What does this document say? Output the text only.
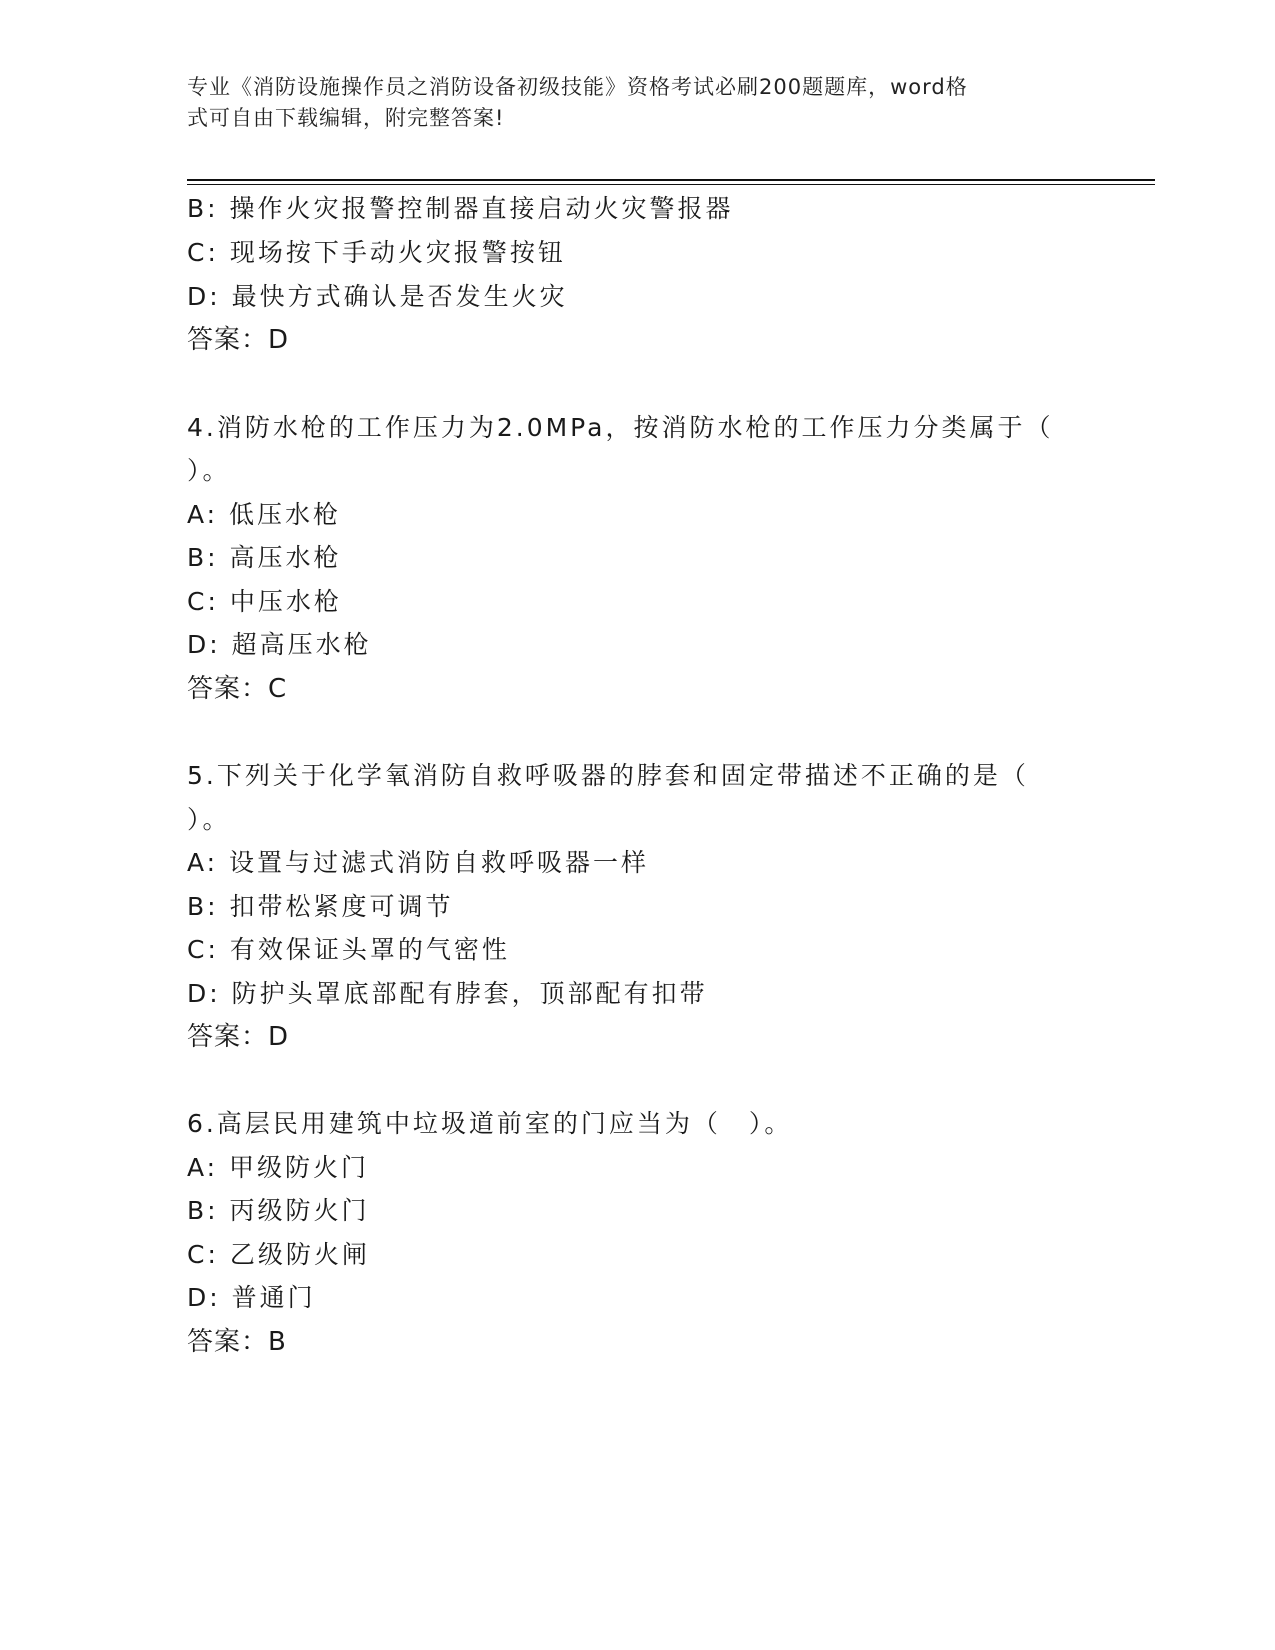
专业《消防设施操作员之消防设备初级技能》资格考试必刷200题题库，word格
式可自由下载编辑，附完整答案!
B: 操作火灾报警控制器直接启动火灾警报器
C: 现场按下手动火灾报警按钮
D: 最快方式确认是否发生火灾
答案：D
4.消防水枪的工作压力为2.0MPa，按消防水枪的工作压力分类属于（
）。
A: 低压水枪
B: 高压水枪
C: 中压水枪
D: 超高压水枪
答案：C
5.下列关于化学氧消防自救呼吸器的脖套和固定带描述不正确的是（
）。
A: 设置与过滤式消防自救呼吸器一样
B: 扣带松紧度可调节
C: 有效保证头罩的气密性
D: 防护头罩底部配有脖套，顶部配有扣带
答案：D
6.高层民用建筑中垃圾道前室的门应当为（　）。
A: 甲级防火门
B: 丙级防火门
C: 乙级防火闸
D: 普通门
答案：B
